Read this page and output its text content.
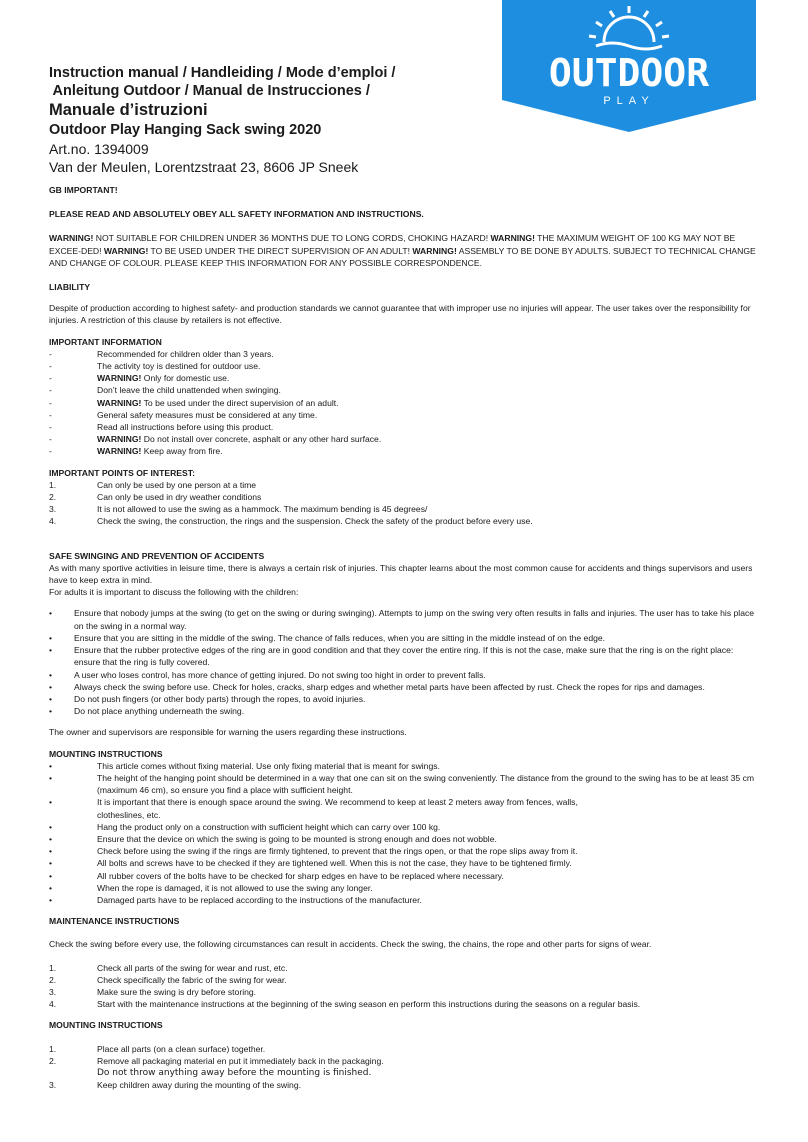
OUTDOOR
PLAY

Instruction manual / Handleiding / Mode d’emploi /

Anleitung Outdoor / Manual de Instrucciones /

Manuale d’istruzioni

Outdoor Play Hanging Sack swing 2020

Art.no. 1394009

Van der Meulen, Lorentzstraat 23, 8606 JP Sneek

GB IMPORTANT!

PLEASE READ AND ABSOLUTELY OBEY ALL SAFETY INFORMATION AND INSTRUCTIONS.

WARNING! NOT SUITABLE FOR CHILDREN UNDER 36 MONTHS DUE TO LONG CORDS, CHOKING HAZARD! WARNING! THE MAXIMUM WEIGHT OF 100 KG MAY NOT BE EXCEE-DED! WARNING! TO BE USED UNDER THE DIRECT SUPERVISION OF AN ADULT! WARNING! ASSEMBLY TO BE DONE BY ADULTS. SUBJECT TO TECHNICAL CHANGE AND CHANGE OF COLOUR. PLEASE KEEP THIS INFORMATION FOR ANY POSSIBLE CORRESPONDENCE.

LIABILITY

Despite of production according to highest safety- and production standards we cannot guarantee that with improper use no injuries will appear. The user takes over the responsibility for injuries. A restriction of this clause by retailers is not effective.

IMPORTANT INFORMATION

-	Recommended for children older than 3 years.
-	The activity toy is destined for outdoor use.
-	WARNING! Only for domestic use.
-	Don’t leave the child unattended when swinging.
-	WARNING! To be used under the direct supervision of an adult.
-	General safety measures must be considered at any time.
-	Read all instructions before using this product.
-	WARNING! Do not install over concrete, asphalt or any other hard surface.
-	WARNING! Keep away from fire.

IMPORTANT POINTS OF INTEREST:

1.	Can only be used by one person at a time
2.	Can only be used in dry weather conditions
3.	It is not allowed to use the swing as a hammock. The maximum bending is 45 degrees/
4.	Check the swing, the construction, the rings and the suspension. Check the safety of the product before every use.

SAFE SWINGING AND PREVENTION OF ACCIDENTS

As with many sportive activities in leisure time, there is always a certain risk of injuries. This chapter learns about the most common cause for accidents and things supervisors and users have to keep extra in mind.

For adults it is important to discuss the following with the children:

•	Ensure that nobody jumps at the swing (to get on the swing or during swinging). Attempts to jump on the swing very often results in falls and injuries. The user has to take his place on the swing in a normal way.
•	Ensure that you are sitting in the middle of the swing. The chance of falls reduces, when you are sitting in the middle instead of on the edge.
•	Ensure that the rubber protective edges of the ring are in good condition and that they cover the entire ring. If this is not the case, make sure that the ring is on the right place: ensure that the ring is fully covered.
•	A user who loses control, has more chance of getting injured. Do not swing too hight in order to prevent falls.
•	Always check the swing before use. Check for holes, cracks, sharp edges and whether metal parts have been affected by rust. Check the ropes for rips and damages.
•	Do not push fingers (or other body parts) through the ropes, to avoid injuries.
•	Do not place anything underneath the swing.

The owner and supervisors are responsible for warning the users regarding these instructions.

MOUNTING INSTRUCTIONS

•	This article comes without fixing material. Use only fixing material that is meant for swings.
•	The height of the hanging point should be determined in a way that one can sit on the swing conveniently. The distance from the ground to the swing has to be at least 35 cm (maximum 46 cm), so ensure you find a place with sufficient height.
•	It is important that there is enough space around the swing. We recommend to keep at least 2 meters away from fences, walls, clotheslines, etc.
•	Hang the product only on a construction with sufficient height which can carry over 100 kg.
•	Ensure that the device on which the swing is going to be mounted is strong enough and does not wobble.
•	Check before using the swing if the rings are firmly tightened, to prevent that the rings open, or that the rope slips away from it.
•	All bolts and screws have to be checked if they are tightened well. When this is not the case, they have to be tightened firmly.
•	All rubber covers of the bolts have to be checked for sharp edges en have to be replaced where necessary.
•	When the rope is damaged, it is not allowed to use the swing any longer.
•	Damaged parts have to be replaced according to the instructions of the manufacturer.

MAINTENANCE INSTRUCTIONS

Check the swing before every use, the following circumstances can result in accidents. Check the swing, the chains, the rope and other parts for signs of wear.

1.	Check all parts of the swing for wear and rust, etc.
2.	Check specifically the fabric of the swing for wear.
3.	Make sure the swing is dry before storing.
4.	Start with the maintenance instructions at the beginning of the swing season en perform this instructions during the seasons on a regular basis.

MOUNTING INSTRUCTIONS

1.	Place all parts (on a clean surface) together.
2.	Remove all packaging material en put it immediately back in the packaging.
Do not throw anything away before the mounting is finished.
3.	Keep children away during the mounting of the swing.
